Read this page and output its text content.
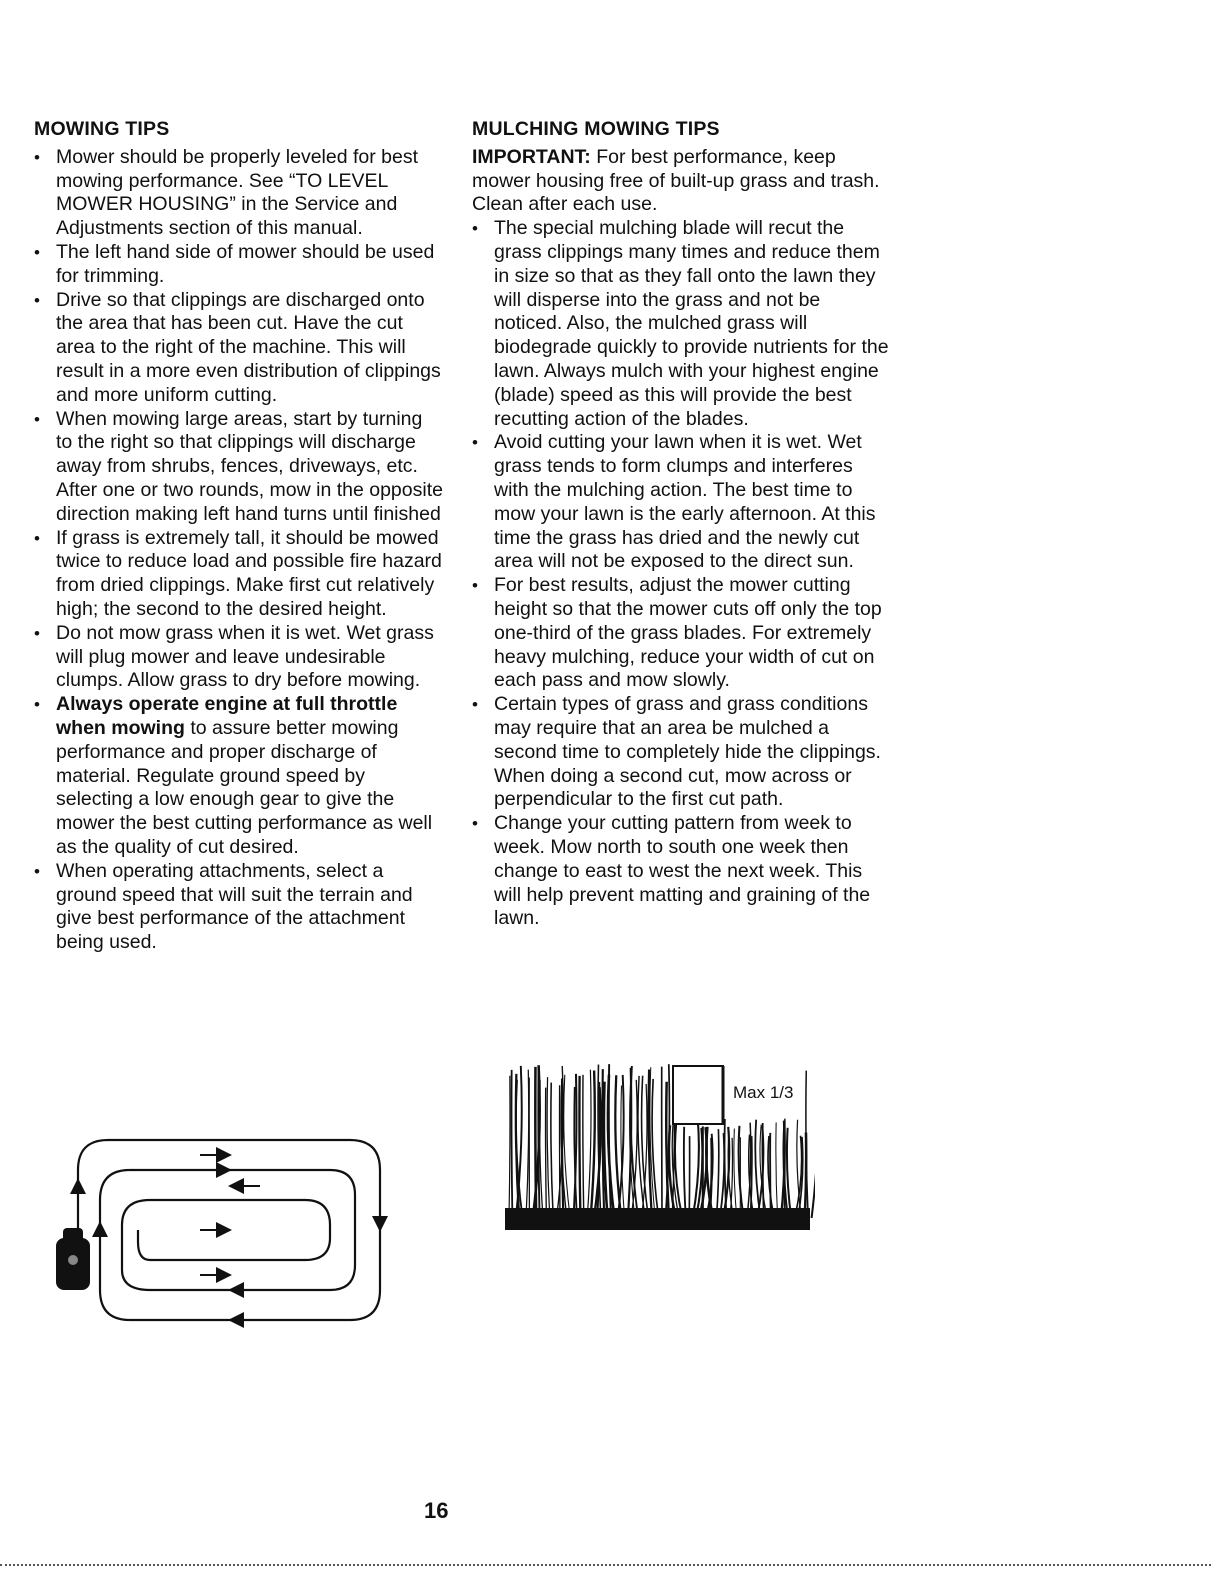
MOWING TIPS
• Mower should be properly leveled for best mowing performance. See “TO LEVEL MOWER HOUSING” in the Service and Adjustments section of this manual.
• The left hand side of mower should be used for trimming.
• Drive so that clippings are discharged onto the area that has been cut. Have the cut area to the right of the machine. This will result in a more even distribution of clippings and more uniform cutting.
• When mowing large areas, start by turning to the right so that clippings will discharge away from shrubs, fences, driveways, etc. After one or two rounds, mow in the opposite direction making left hand turns until finished
• If grass is extremely tall, it should be mowed twice to reduce load and possible fire hazard from dried clippings. Make first cut relatively high; the second to the desired height.
• Do not mow grass when it is wet. Wet grass will plug mower and leave undesirable clumps. Allow grass to dry before mowing.
• Always operate engine at full throttle when mowing to assure better mowing performance and proper discharge of material. Regulate ground speed by selecting a low enough gear to give the mower the best cutting performance as well as the quality of cut desired.
• When operating attachments, select a ground speed that will suit the terrain and give best performance of the attachment being used.
MULCHING MOWING TIPS

IMPORTANT: For best performance, keep mower housing free of built-up grass and trash. Clean after each use.

• The special mulching blade will recut the grass clippings many times and reduce them in size so that as they fall onto the lawn they will disperse into the grass and not be noticed. Also, the mulched grass will biodegrade quickly to provide nutrients for the lawn. Always mulch with your highest engine (blade) speed as this will provide the best recutting action of the blades.
• Avoid cutting your lawn when it is wet. Wet grass tends to form clumps and interferes with the mulching action. The best time to mow your lawn is the early afternoon. At this time the grass has dried and the newly cut area will not be exposed to the direct sun.
• For best results, adjust the mower cutting height so that the mower cuts off only the top one-third of the grass blades. For extremely heavy mulching, reduce your width of cut on each pass and mow slowly.
• Certain types of grass and grass conditions may require that an area be mulched a second time to completely hide the clippings. When doing a second cut, mow across or perpendicular to the first cut path.
• Change your cutting pattern from week to week. Mow north to south one week then change to east to west the next week. This will help prevent matting and graining of the lawn.
Max 1/3
16
